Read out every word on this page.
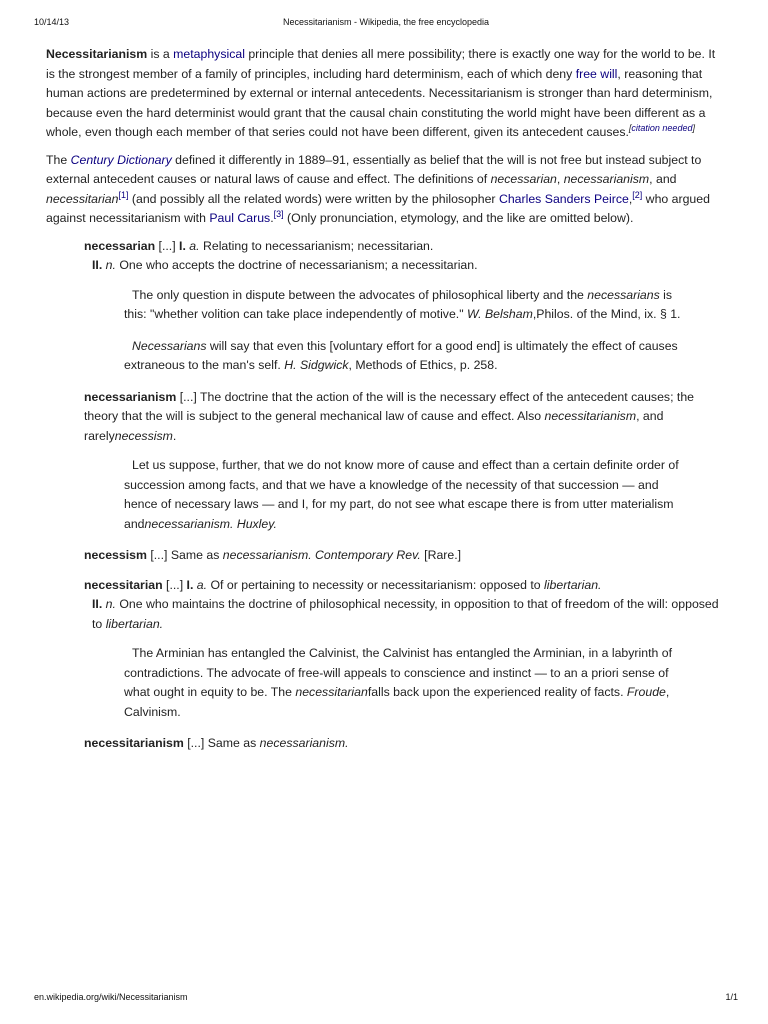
10/14/13	Necessitarianism - Wikipedia, the free encyclopedia

Necessitarianism is a metaphysical principle that denies all mere possibility; there is exactly one way for the world to be. It is the strongest member of a family of principles, including hard determinism, each of which deny free will, reasoning that human actions are predetermined by external or internal antecedents. Necessitarianism is stronger than hard determinism, because even the hard determinist would grant that the causal chain constituting the world might have been different as a whole, even though each member of that series could not have been different, given its antecedent causes.[citation needed]

The Century Dictionary defined it differently in 1889–91, essentially as belief that the will is not free but instead subject to external antecedent causes or natural laws of cause and effect. The definitions of necessarian, necessarianism, and necessitarian[1] (and possibly all the related words) were written by the philosopher Charles Sanders Peirce,[2] who argued against necessitarianism with Paul Carus.[3] (Only pronunciation, etymology, and the like are omitted below).

necessarian [...] I. a. Relating to necessarianism; necessitarian.
II. n. One who accepts the doctrine of necessarianism; a necessitarian.
The only question in dispute between the advocates of philosophical liberty and the necessarians is this: "whether volition can take place independently of motive." W. Belsham,Philos. of the Mind, ix. § 1.
Necessarians will say that even this [voluntary effort for a good end] is ultimately the effect of causes extraneous to the man's self. H. Sidgwick, Methods of Ethics, p. 258.
necessarianism [...] The doctrine that the action of the will is the necessary effect of the antecedent causes; the theory that the will is subject to the general mechanical law of cause and effect. Also necessitarianism, and rarelynecessism.
Let us suppose, further, that we do not know more of cause and effect than a certain definite order of succession among facts, and that we have a knowledge of the necessity of that succession — and hence of necessary laws — and I, for my part, do not see what escape there is from utter materialism andnecessarianism. Huxley.
necessism [...] Same as necessarianism. Contemporary Rev. [Rare.]
necessitarian [...] I. a. Of or pertaining to necessity or necessitarianism: opposed to libertarian.
II. n. One who maintains the doctrine of philosophical necessity, in opposition to that of freedom of the will: opposed to libertarian.
The Arminian has entangled the Calvinist, the Calvinist has entangled the Arminian, in a labyrinth of contradictions. The advocate of free-will appeals to conscience and instinct — to an a priori sense of what ought in equity to be. The necessitarianfalls back upon the experienced reality of facts. Froude, Calvinism.
necessitarianism [...] Same as necessarianism.
en.wikipedia.org/wiki/Necessitarianism	1/1
